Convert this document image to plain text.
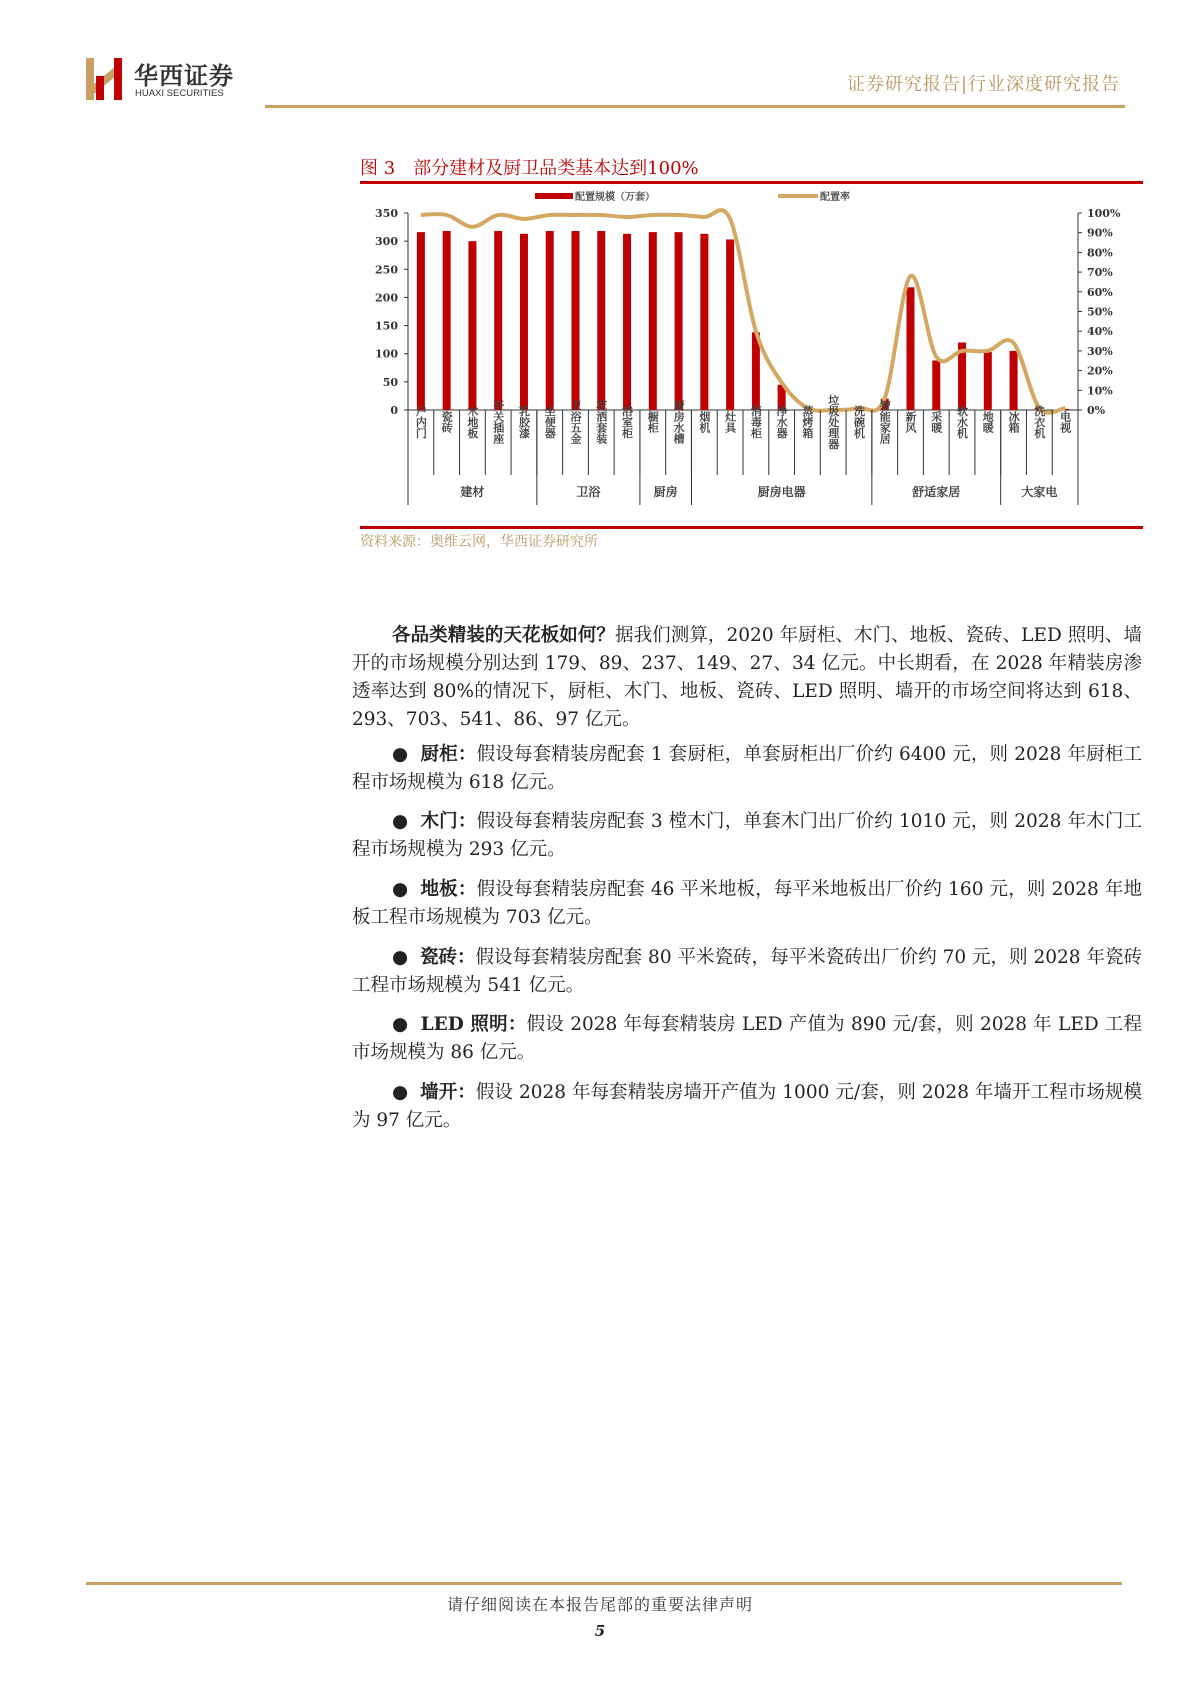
华西证券
HUAXI SECURITIES	证券研究报告|行业深度研究报告
图 3 部分建材及厨卫品类基本达到100%
配置规模（万套）	配置率
0
50
100
150
200
250
300
350
0%
10%
20%
30%
40%
50%
60%
70%
80%
90%
100%
户内门 瓷砖 木地板 开关插座 乳胶漆 坐便器 卫浴五金 花洒套装 浴室柜 橱柜 厨房水槽 烟机 灶具 消毒柜 净水器 蒸烤箱 垃圾处理器 洗碗机 智能家居 新风 采暖 软水机 地暖 冰箱 洗衣机 电视
建材	卫浴	厨房	厨房电器	舒适家居	大家电
资料来源：奥维云网，华西证券研究所
各品类精装的天花板如何？据我们测算，2020 年厨柜、木门、地板、瓷砖、LED 照明、墙开的市场规模分别达到 179、89、237、149、27、34 亿元。中长期看，在 2028 年精装房渗透率达到 80%的情况下，厨柜、木门、地板、瓷砖、LED 照明、墙开的市场空间将达到 618、293、703、541、86、97 亿元。
●  厨柜：假设每套精装房配套 1 套厨柜，单套厨柜出厂价约 6400 元，则 2028 年厨柜工程市场规模为 618 亿元。
●  木门：假设每套精装房配套 3 樘木门，单套木门出厂价约 1010 元，则 2028 年木门工程市场规模为 293 亿元。
●  地板：假设每套精装房配套 46 平米地板，每平米地板出厂价约 160 元，则 2028 年地板工程市场规模为 703 亿元。
●  瓷砖：假设每套精装房配套 80 平米瓷砖，每平米瓷砖出厂价约 70 元，则 2028 年瓷砖工程市场规模为 541 亿元。
●  LED 照明：假设 2028 年每套精装房 LED 产值为 890 元/套，则 2028 年 LED 工程市场规模为 86 亿元。
●  墙开：假设 2028 年每套精装房墙开产值为 1000 元/套，则 2028 年墙开工程市场规模为 97 亿元。
请仔细阅读在本报告尾部的重要法律声明
5
